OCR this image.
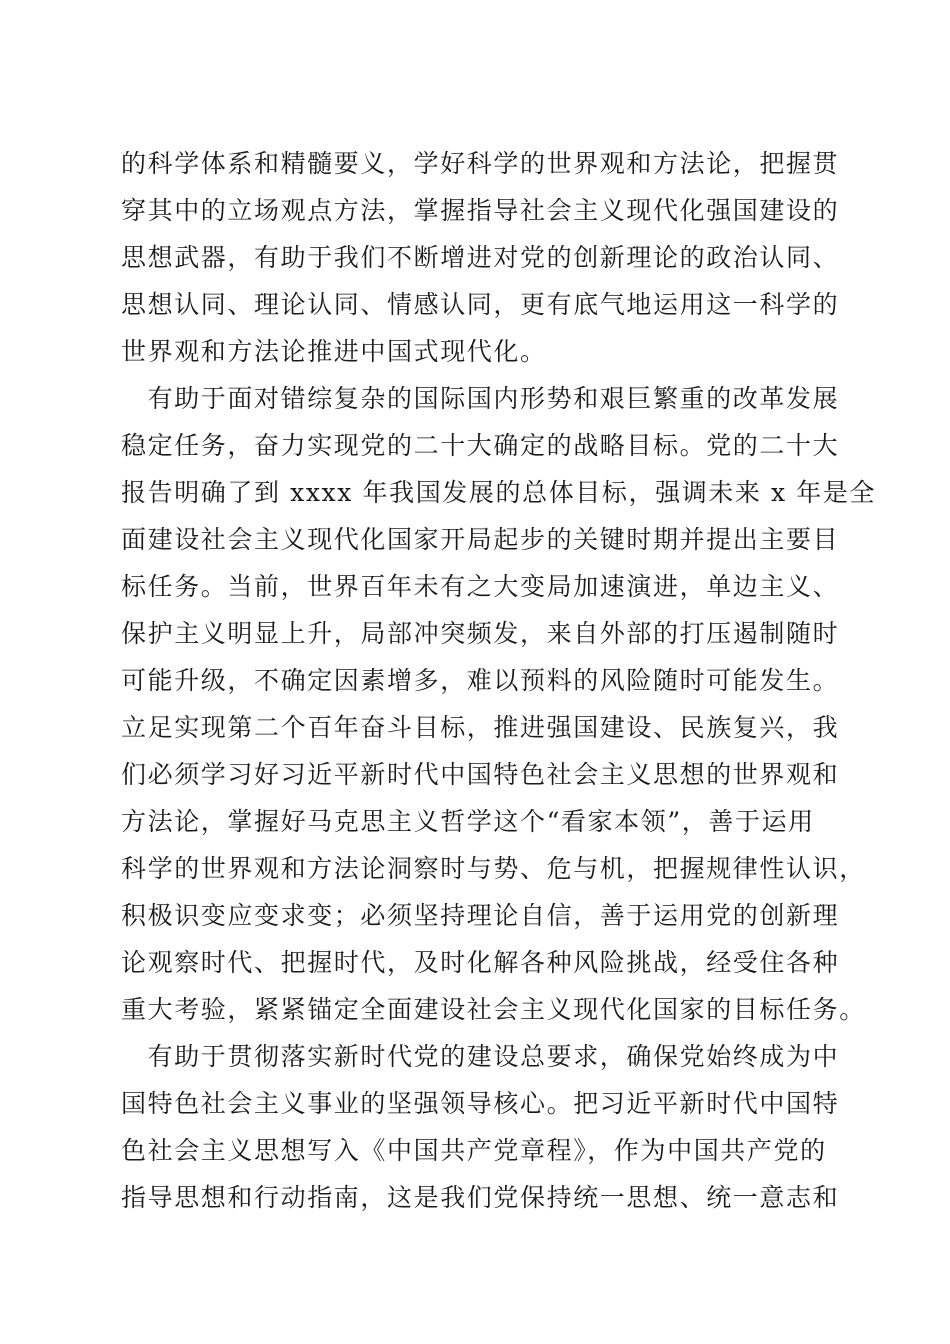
的科学体系和精髓要义，学好科学的世界观和方法论，把握贯
穿其中的立场观点方法，掌握指导社会主义现代化强国建设的
思想武器，有助于我们不断增进对党的创新理论的政治认同、
思想认同、理论认同、情感认同，更有底气地运用这一科学的
世界观和方法论推进中国式现代化。
　有助于面对错综复杂的国际国内形势和艰巨繁重的改革发展
稳定任务，奋力实现党的二十大确定的战略目标。党的二十大
报告明确了到 xxxx 年我国发展的总体目标，强调未来 x 年是全
面建设社会主义现代化国家开局起步的关键时期并提出主要目
标任务。当前，世界百年未有之大变局加速演进，单边主义、
保护主义明显上升，局部冲突频发，来自外部的打压遏制随时
可能升级，不确定因素增多，难以预料的风险随时可能发生。
立足实现第二个百年奋斗目标，推进强国建设、民族复兴，我
们必须学习好习近平新时代中国特色社会主义思想的世界观和
方法论，掌握好马克思主义哲学这个“看家本领”，善于运用
科学的世界观和方法论洞察时与势、危与机，把握规律性认识，
积极识变应变求变；必须坚持理论自信，善于运用党的创新理
论观察时代、把握时代，及时化解各种风险挑战，经受住各种
重大考验，紧紧锚定全面建设社会主义现代化国家的目标任务。
　有助于贯彻落实新时代党的建设总要求，确保党始终成为中
国特色社会主义事业的坚强领导核心。把习近平新时代中国特
色社会主义思想写入《中国共产党章程》，作为中国共产党的
指导思想和行动指南，这是我们党保持统一思想、统一意志和
